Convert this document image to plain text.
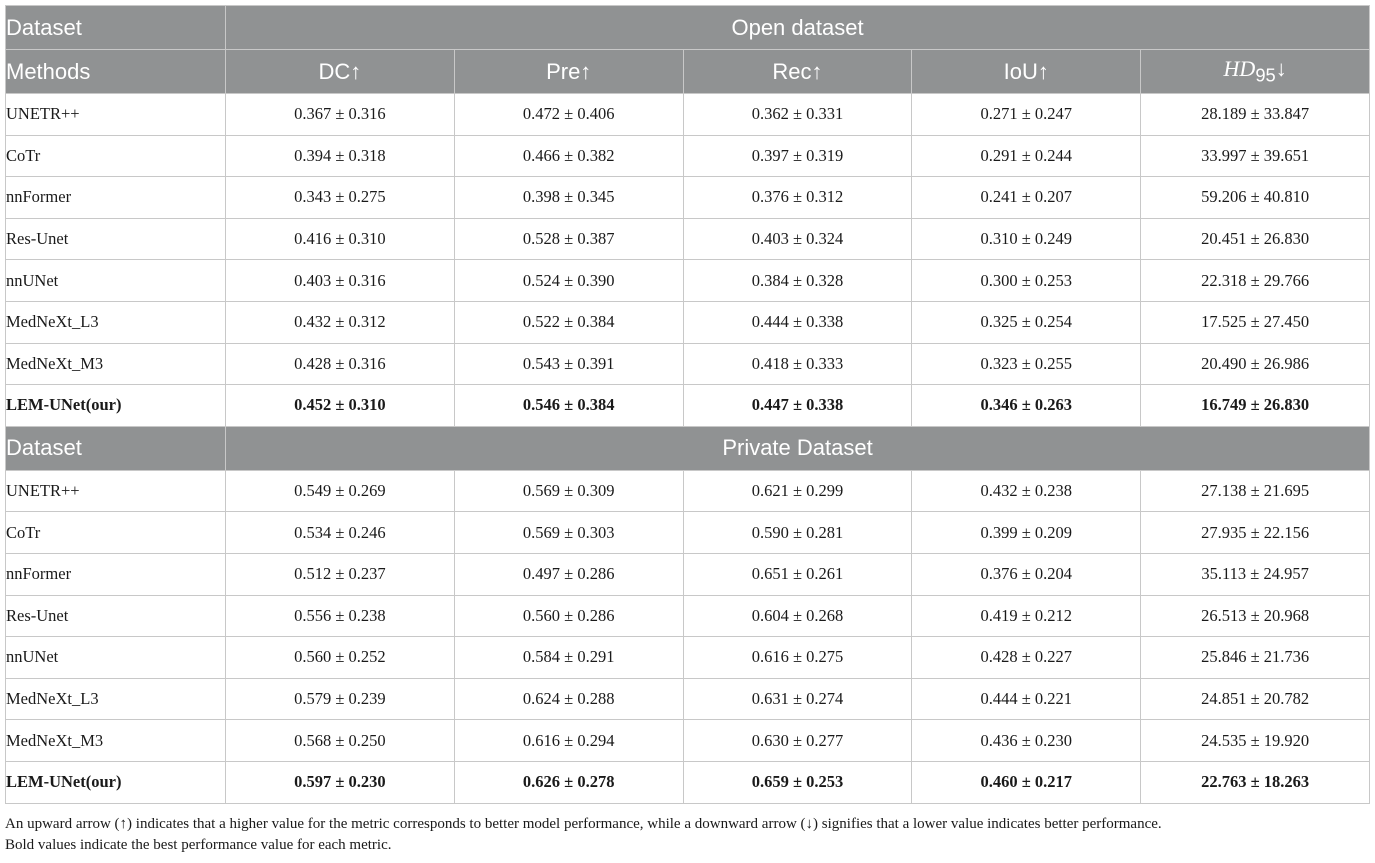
Dataset	Open dataset				
Methods	DC↑	Pre↑	Rec↑	IoU↑	$HD_{95}↓$
UNETR++	0.367 ± 0.316	0.472 ± 0.406	0.362 ± 0.331	0.271 ± 0.247	28.189 ± 33.847
CoTr	0.394 ± 0.318	0.466 ± 0.382	0.397 ± 0.319	0.291 ± 0.244	33.997 ± 39.651
nnFormer	0.343 ± 0.275	0.398 ± 0.345	0.376 ± 0.312	0.241 ± 0.207	59.206 ± 40.810
Res-Unet	0.416 ± 0.310	0.528 ± 0.387	0.403 ± 0.324	0.310 ± 0.249	20.451 ± 26.830
nnUNet	0.403 ± 0.316	0.524 ± 0.390	0.384 ± 0.328	0.300 ± 0.253	22.318 ± 29.766
MedNeXt_L3	0.432 ± 0.312	0.522 ± 0.384	0.444 ± 0.338	0.325 ± 0.254	17.525 ± 27.450
MedNeXt_M3	0.428 ± 0.316	0.543 ± 0.391	0.418 ± 0.333	0.323 ± 0.255	20.490 ± 26.986
LEM-UNet(our)	0.452 ± 0.310	0.546 ± 0.384	0.447 ± 0.338	0.346 ± 0.263	16.749 ± 26.830
Dataset	Private Dataset				
UNETR++	0.549 ± 0.269	0.569 ± 0.309	0.621 ± 0.299	0.432 ± 0.238	27.138 ± 21.695
CoTr	0.534 ± 0.246	0.569 ± 0.303	0.590 ± 0.281	0.399 ± 0.209	27.935 ± 22.156
nnFormer	0.512 ± 0.237	0.497 ± 0.286	0.651 ± 0.261	0.376 ± 0.204	35.113 ± 24.957
Res-Unet	0.556 ± 0.238	0.560 ± 0.286	0.604 ± 0.268	0.419 ± 0.212	26.513 ± 20.968
nnUNet	0.560 ± 0.252	0.584 ± 0.291	0.616 ± 0.275	0.428 ± 0.227	25.846 ± 21.736
MedNeXt_L3	0.579 ± 0.239	0.624 ± 0.288	0.631 ± 0.274	0.444 ± 0.221	24.851 ± 20.782
MedNeXt_M3	0.568 ± 0.250	0.616 ± 0.294	0.630 ± 0.277	0.436 ± 0.230	24.535 ± 19.920
LEM-UNet(our)	0.597 ± 0.230	0.626 ± 0.278	0.659 ± 0.253	0.460 ± 0.217	22.763 ± 18.263

An upward arrow (↑) indicates that a higher value for the metric corresponds to better model performance, while a downward arrow (↓) signifies that a lower value indicates better performance.

Bold values indicate the best performance value for each metric.
